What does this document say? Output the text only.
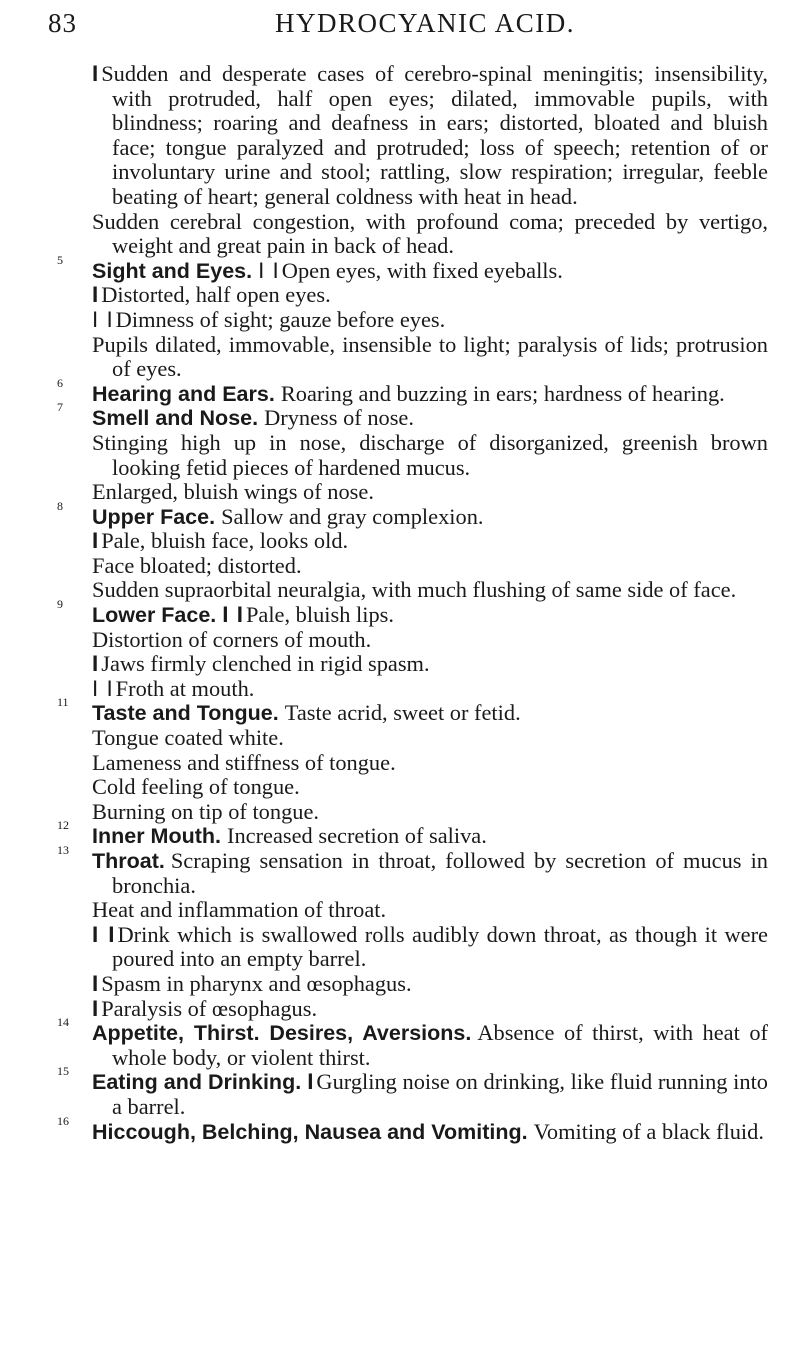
83	HYDROCYANIC ACID.

ISudden and desperate cases of cerebro-spinal meningitis; insensibility, with protruded, half open eyes; dilated, immovable pupils, with blindness; roaring and deafness in ears; distorted, bloated and bluish face; tongue paralyzed and protruded; loss of speech; retention of or involuntary urine and stool; rattling, slow respiration; irregular, feeble beating of heart; general coldness with heat in head.

Sudden cerebral congestion, with profound coma; preceded by vertigo, weight and great pain in back of head.

5	Sight and Eyes. I IOpen eyes, with fixed eyeballs.

IDistorted, half open eyes.

I IDimness of sight; gauze before eyes.

Pupils dilated, immovable, insensible to light; paralysis of lids; protrusion of eyes.

6	Hearing and Ears. Roaring and buzzing in ears; hardness of hearing.

7	Smell and Nose. Dryness of nose.

Stinging high up in nose, discharge of disorganized, greenish brown looking fetid pieces of hardened mucus.

Enlarged, bluish wings of nose.

8	Upper Face. Sallow and gray complexion.

IPale, bluish face, looks old.

Face bloated; distorted.

Sudden supraorbital neuralgia, with much flushing of same side of face.

9	Lower Face. I IPale, bluish lips.

Distortion of corners of mouth.

IJaws firmly clenched in rigid spasm.

I IFroth at mouth.

11	Taste and Tongue. Taste acrid, sweet or fetid.

Tongue coated white.

Lameness and stiffness of tongue.

Cold feeling of tongue.

Burning on tip of tongue.

12	Inner Mouth. Increased secretion of saliva.

13	Throat. Scraping sensation in throat, followed by secretion of mucus in bronchia.

Heat and inflammation of throat.

I IDrink which is swallowed rolls audibly down throat, as though it were poured into an empty barrel.

ISpasm in pharynx and œsophagus.

IParalysis of œsophagus.

14	Appetite, Thirst. Desires, Aversions. Absence of thirst, with heat of whole body, or violent thirst.

15	Eating and Drinking. IGurgling noise on drinking, like fluid running into a barrel.

16	Hiccough, Belching, Nausea and Vomiting. Vomiting of a black fluid.
